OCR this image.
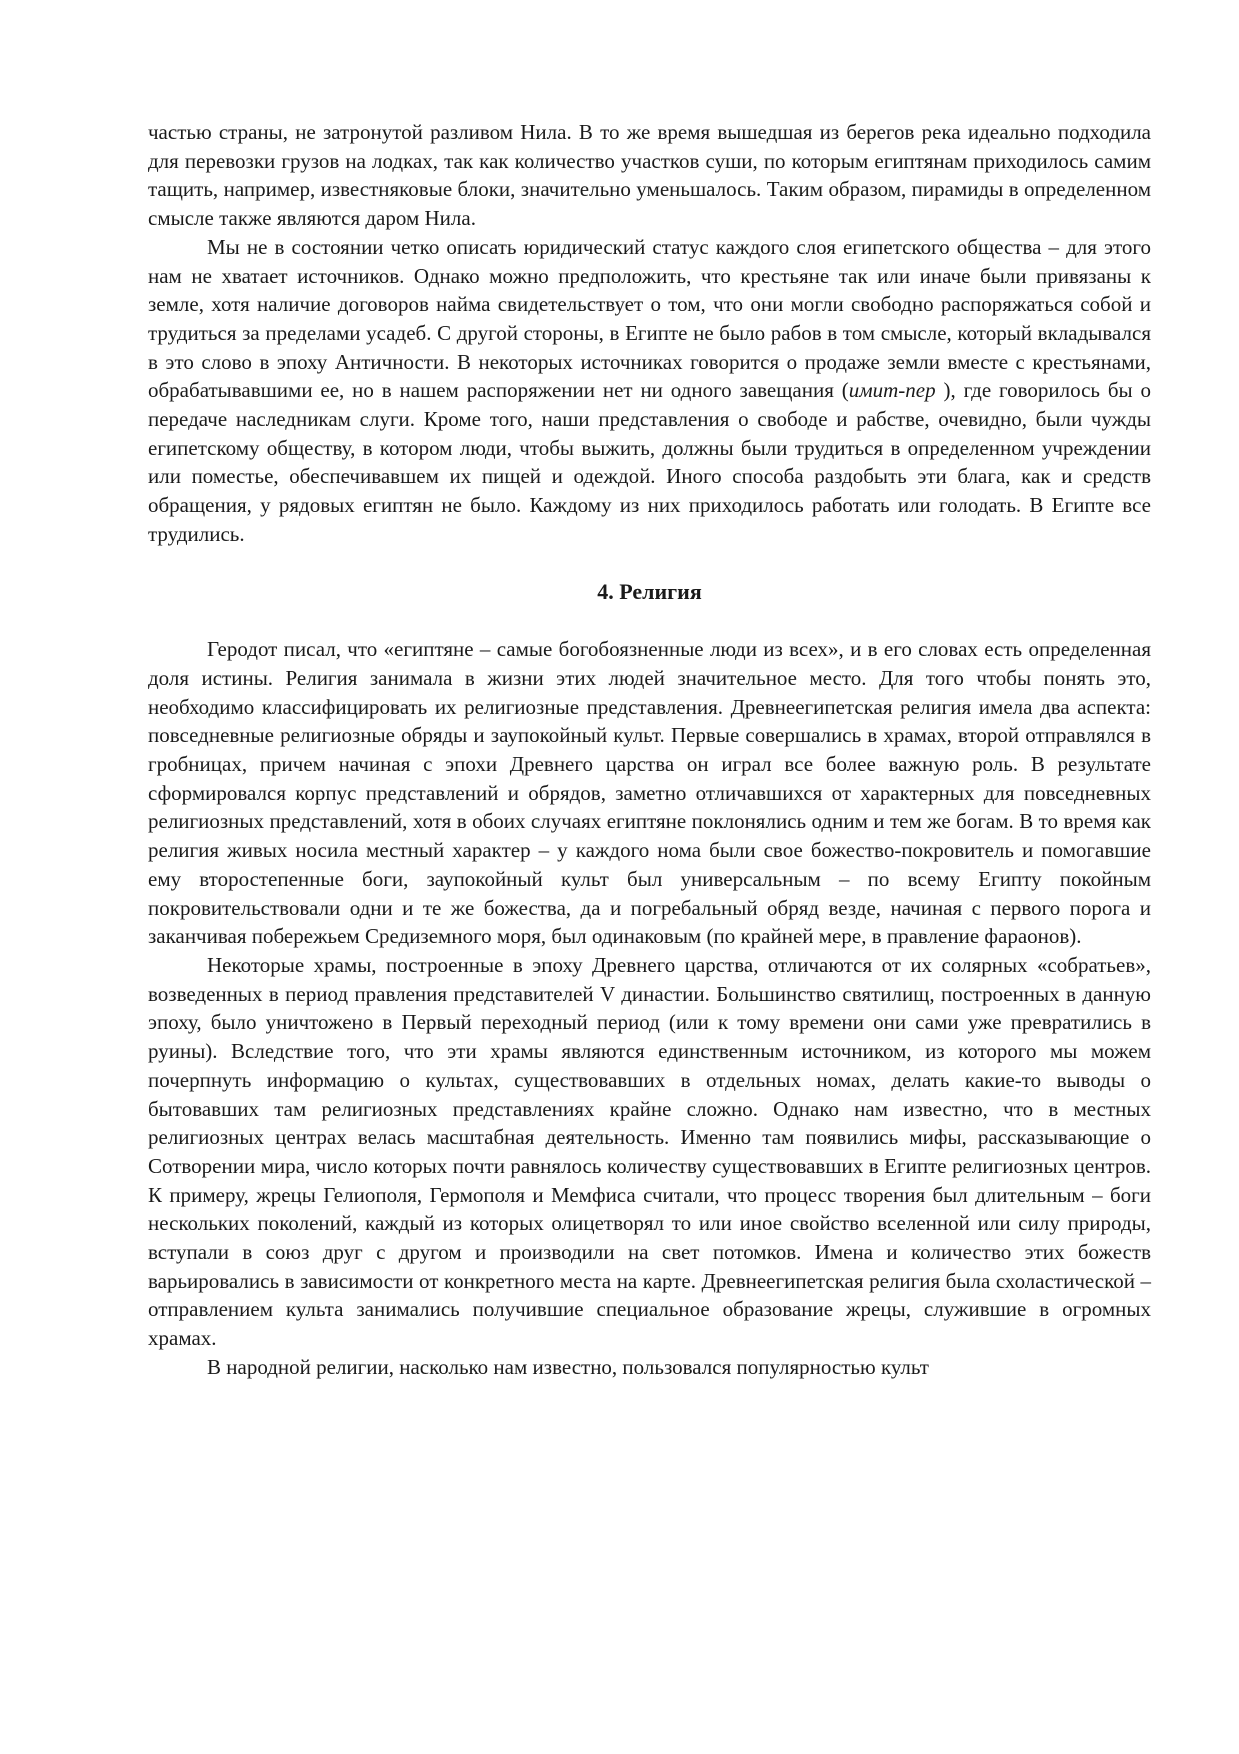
частью страны, не затронутой разливом Нила. В то же время вышедшая из берегов река идеально подходила для перевозки грузов на лодках, так как количество участков суши, по которым египтянам приходилось самим тащить, например, известняковые блоки, значительно уменьшалось. Таким образом, пирамиды в определенном смысле также являются даром Нила.

Мы не в состоянии четко описать юридический статус каждого слоя египетского общества – для этого нам не хватает источников. Однако можно предположить, что крестьяне так или иначе были привязаны к земле, хотя наличие договоров найма свидетельствует о том, что они могли свободно распоряжаться собой и трудиться за пределами усадеб. С другой стороны, в Египте не было рабов в том смысле, который вкладывался в это слово в эпоху Античности. В некоторых источниках говорится о продаже земли вместе с крестьянами, обрабатывавшими ее, но в нашем распоряжении нет ни одного завещания (имит-пер ), где говорилось бы о передаче наследникам слуги. Кроме того, наши представления о свободе и рабстве, очевидно, были чужды египетскому обществу, в котором люди, чтобы выжить, должны были трудиться в определенном учреждении или поместье, обеспечивавшем их пищей и одеждой. Иного способа раздобыть эти блага, как и средств обращения, у рядовых египтян не было. Каждому из них приходилось работать или голодать. В Египте все трудились.

4. Религия

Геродот писал, что «египтяне – самые богобоязненные люди из всех», и в его словах есть определенная доля истины. Религия занимала в жизни этих людей значительное место. Для того чтобы понять это, необходимо классифицировать их религиозные представления. Древнеегипетская религия имела два аспекта: повседневные религиозные обряды и заупокойный культ. Первые совершались в храмах, второй отправлялся в гробницах, причем начиная с эпохи Древнего царства он играл все более важную роль. В результате сформировался корпус представлений и обрядов, заметно отличавшихся от характерных для повседневных религиозных представлений, хотя в обоих случаях египтяне поклонялись одним и тем же богам. В то время как религия живых носила местный характер – у каждого нома были свое божество-покровитель и помогавшие ему второстепенные боги, заупокойный культ был универсальным – по всему Египту покойным покровительствовали одни и те же божества, да и погребальный обряд везде, начиная с первого порога и заканчивая побережьем Средиземного моря, был одинаковым (по крайней мере, в правление фараонов).

Некоторые храмы, построенные в эпоху Древнего царства, отличаются от их солярных «собратьев», возведенных в период правления представителей V династии. Большинство святилищ, построенных в данную эпоху, было уничтожено в Первый переходный период (или к тому времени они сами уже превратились в руины). Вследствие того, что эти храмы являются единственным источником, из которого мы можем почерпнуть информацию о культах, существовавших в отдельных номах, делать какие-то выводы о бытовавших там религиозных представлениях крайне сложно. Однако нам известно, что в местных религиозных центрах велась масштабная деятельность. Именно там появились мифы, рассказывающие о Сотворении мира, число которых почти равнялось количеству существовавших в Египте религиозных центров. К примеру, жрецы Гелиополя, Гермополя и Мемфиса считали, что процесс творения был длительным – боги нескольких поколений, каждый из которых олицетворял то или иное свойство вселенной или силу природы, вступали в союз друг с другом и производили на свет потомков. Имена и количество этих божеств варьировались в зависимости от конкретного места на карте. Древнеегипетская религия была схоластической – отправлением культа занимались получившие специальное образование жрецы, служившие в огромных храмах.

В народной религии, насколько нам известно, пользовался популярностью культ
